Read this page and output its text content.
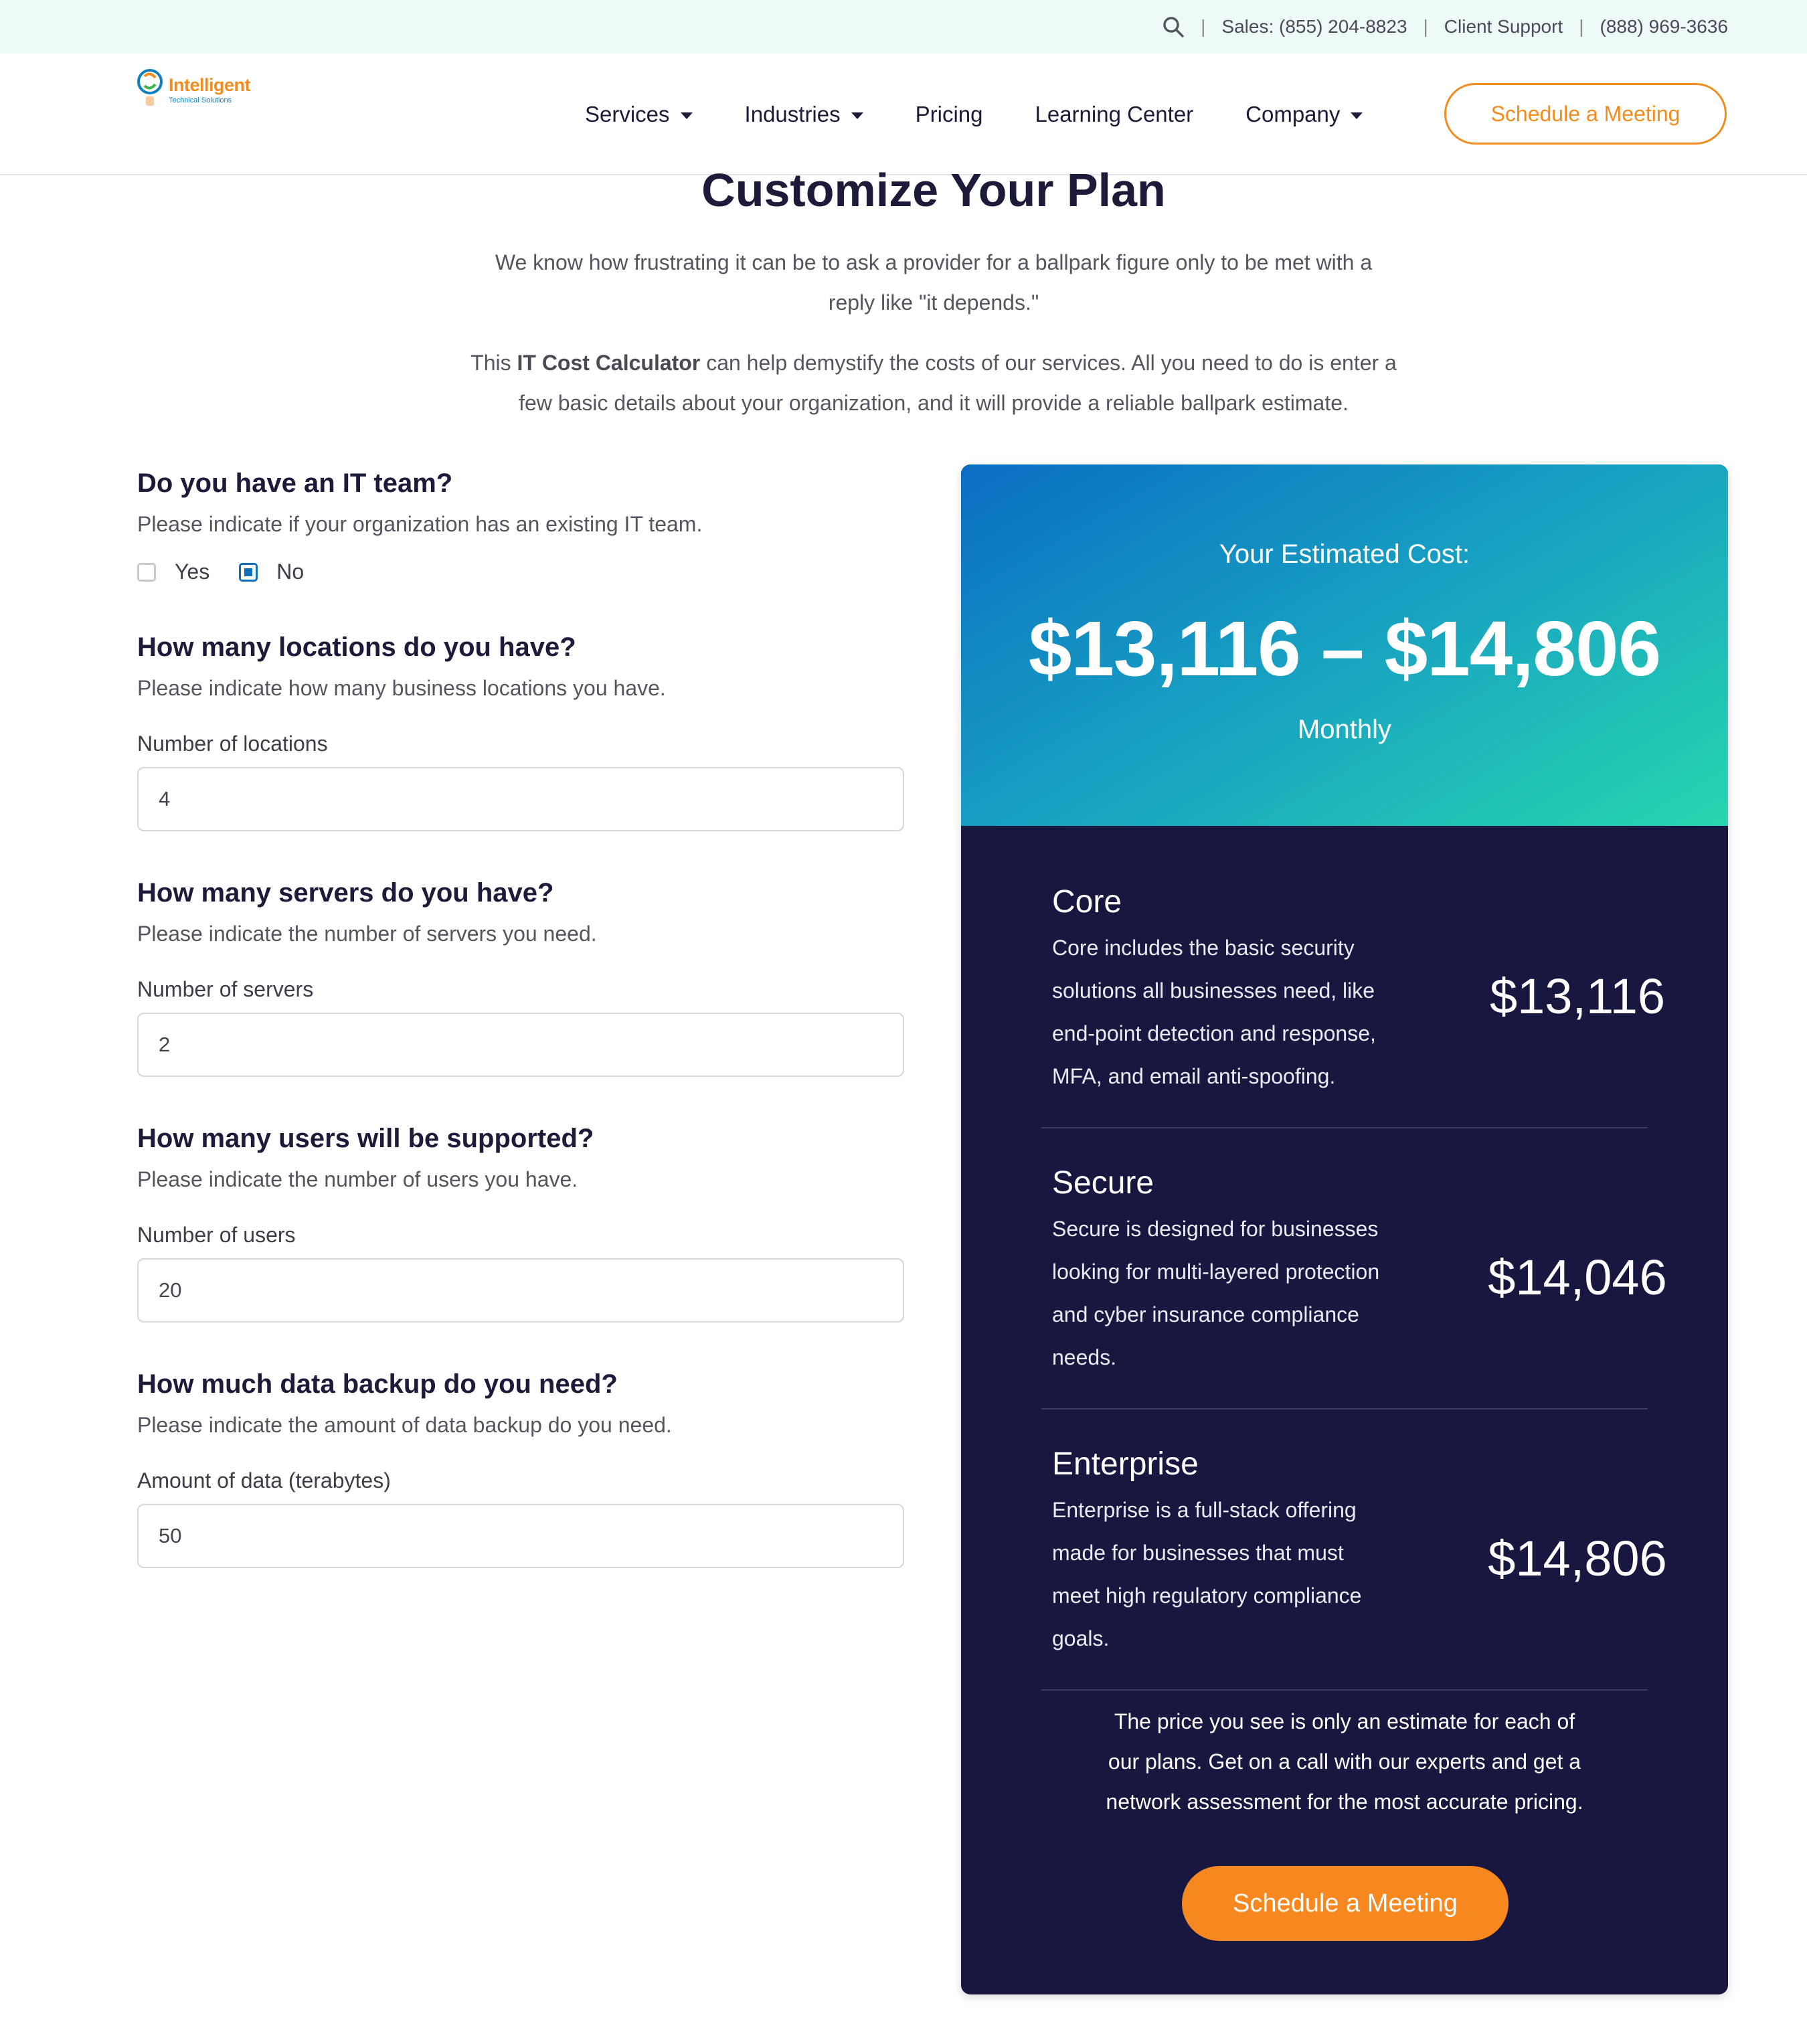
| Sales: (855) 204-8823 | Client Support | (888) 969-3636
Intelligent
Technical Solutions
Services	Industries	Pricing Learning Center Company	Schedule a Meeting
Customize Your Plan
We know how frustrating it can be to ask a provider for a ballpark figure only to be met with a
reply like "it depends."
This IT Cost Calculator can help demystify the costs of our services. All you need to do is enter a
few basic details about your organization, and it will provide a reliable ballpark estimate.
Do you have an IT team?
Please indicate if your organization has an existing IT team.
Yes	No
How many locations do you have?
Please indicate how many business locations you have.
Number of locations
4
How many servers do you have?
Please indicate the number of servers you need.
Number of servers
2
How many users will be supported?
Please indicate the number of users you have.
Number of users
20
How much data backup do you need?
Please indicate the amount of data backup do you need.
Amount of data (terabytes)
50
Your Estimated Cost:
$13,116 – $14,806
Monthly
Core
Core includes the basic security
solutions all businesses need, like
end-point detection and response,
MFA, and email anti-spoofing.
$13,116
Secure
Secure is designed for businesses
looking for multi-layered protection
and cyber insurance compliance
needs.
$14,046
Enterprise
Enterprise is a full-stack offering
made for businesses that must
meet high regulatory compliance
goals.
$14,806
The price you see is only an estimate for each of
our plans. Get on a call with our experts and get a
network assessment for the most accurate pricing.
Schedule a Meeting
